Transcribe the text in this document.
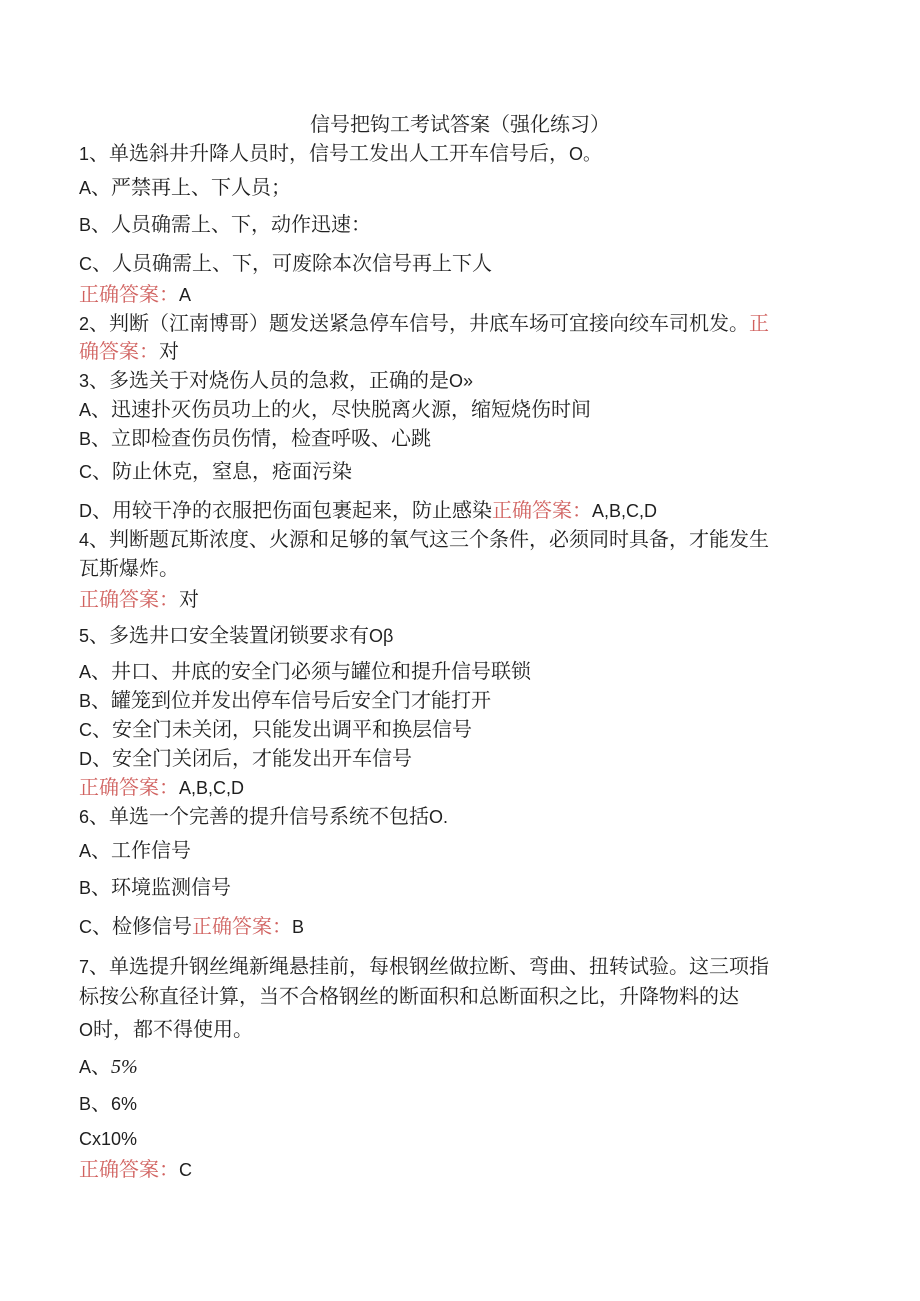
信号把钩工考试答案（强化练习）
1、单选斜井升降人员时，信号工发出人工开车信号后，O。
A、严禁再上、下人员；
B、人员确需上、下，动作迅速：
C、人员确需上、下，可废除本次信号再上下人
正确答案：A
2、判断（江南博哥）题发送紧急停车信号，井底车场可宜接向绞车司机发。正
确答案：对
3、多选关于对烧伤人员的急救，正确的是O»
A、迅速扑灭伤员功上的火，尽快脱离火源，缩短烧伤时间
B、立即检查伤员伤情，检查呼吸、心跳
C、防止休克，窒息，疮面污染
D、用较干净的衣服把伤面包裹起来，防止感染正确答案：A,B,C,D
4、判断题瓦斯浓度、火源和足够的氧气这三个条件，必须同时具备，才能发生
瓦斯爆炸。
正确答案：对
5、多选井口安全装置闭锁要求有Oβ
A、井口、井底的安全门必须与罐位和提升信号联锁
B、罐笼到位并发出停车信号后安全门才能打开
C、安全门未关闭，只能发出调平和换层信号
D、安全门关闭后，才能发出开车信号
正确答案：A,B,C,D
6、单选一个完善的提升信号系统不包括O.
A、工作信号
B、环境监测信号
C、检修信号正确答案：B
7、单选提升钢丝绳新绳悬挂前，每根钢丝做拉断、弯曲、扭转试验。这三项指
标按公称直径计算，当不合格钢丝的断面积和总断面积之比，升降物料的达
O时，都不得使用。
A、5%
B、6%
Cx10%
正确答案：C
